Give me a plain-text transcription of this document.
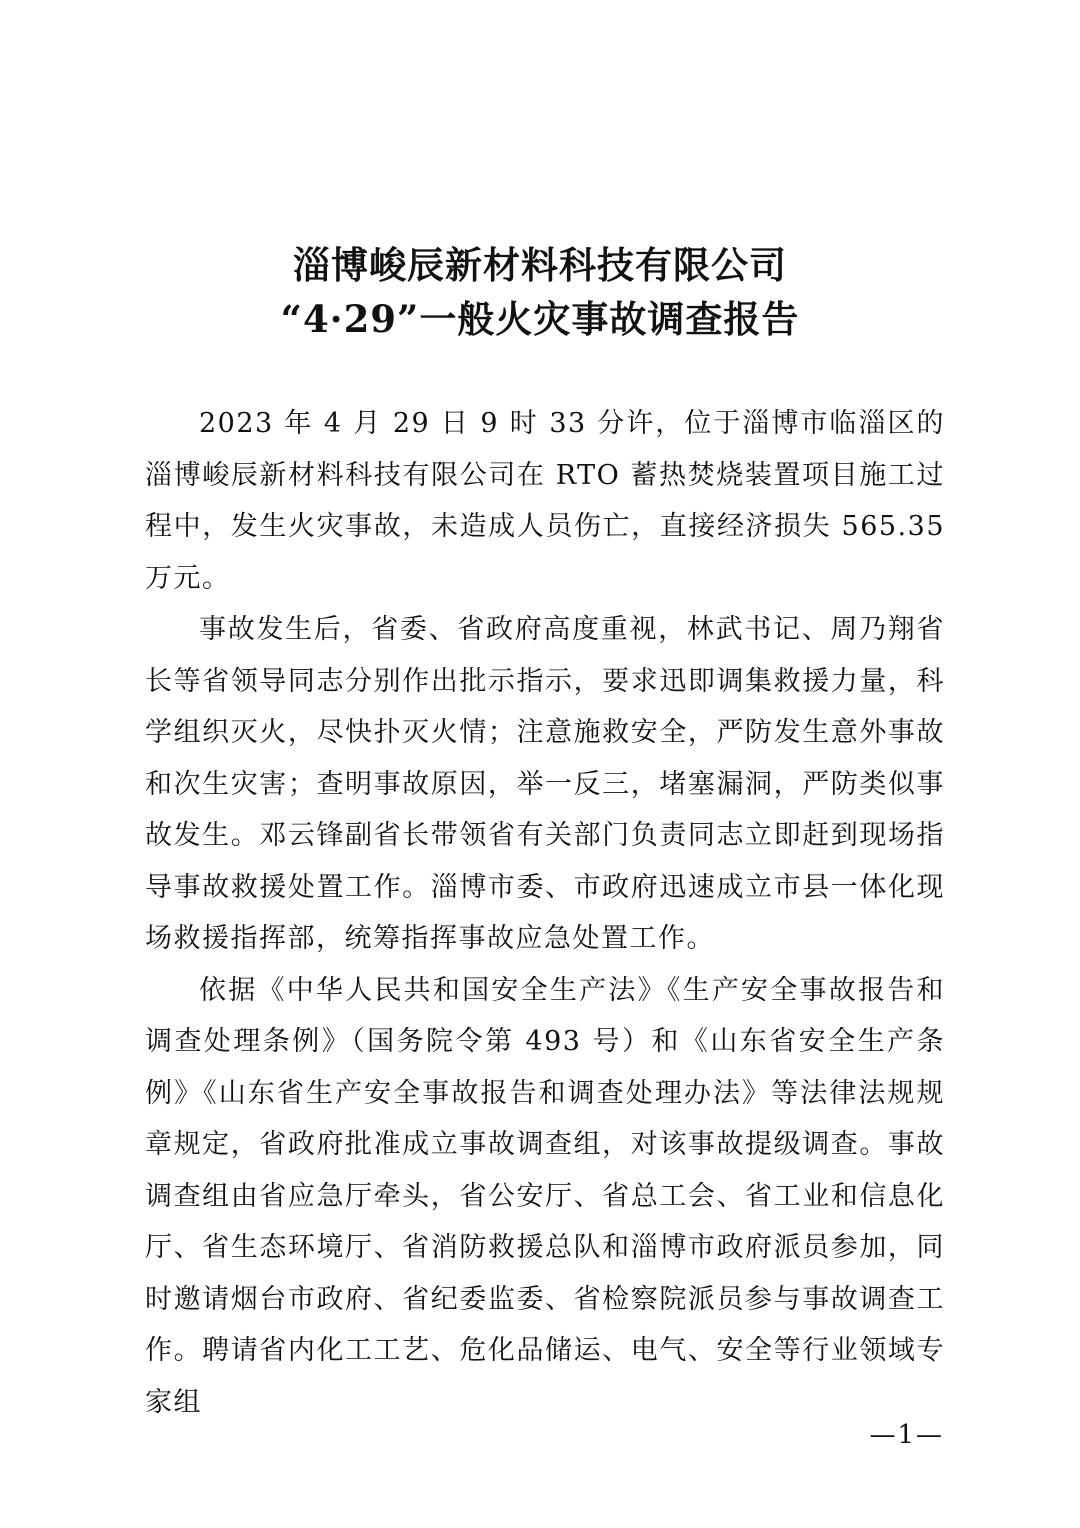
淄博峻辰新材料科技有限公司
“4·29”一般火灾事故调查报告

2023 年 4 月 29 日 9 时 33 分许，位于淄博市临淄区的淄博峻辰新材料科技有限公司在 RTO 蓄热焚烧装置项目施工过程中，发生火灾事故，未造成人员伤亡，直接经济损失 565.35 万元。

事故发生后，省委、省政府高度重视，林武书记、周乃翔省长等省领导同志分别作出批示指示，要求迅即调集救援力量，科学组织灭火，尽快扑灭火情；注意施救安全，严防发生意外事故和次生灾害；查明事故原因，举一反三，堵塞漏洞，严防类似事故发生。邓云锋副省长带领省有关部门负责同志立即赶到现场指导事故救援处置工作。淄博市委、市政府迅速成立市县一体化现场救援指挥部，统筹指挥事故应急处置工作。

依据《中华人民共和国安全生产法》《生产安全事故报告和调查处理条例》（国务院令第 493 号）和《山东省安全生产条例》《山东省生产安全事故报告和调查处理办法》等法律法规规章规定，省政府批准成立事故调查组，对该事故提级调查。事故调查组由省应急厅牵头，省公安厅、省总工会、省工业和信息化厅、省生态环境厅、省消防救援总队和淄博市政府派员参加，同时邀请烟台市政府、省纪委监委、省检察院派员参与事故调查工作。聘请省内化工工艺、危化品储运、电气、安全等行业领域专家组

—1—
